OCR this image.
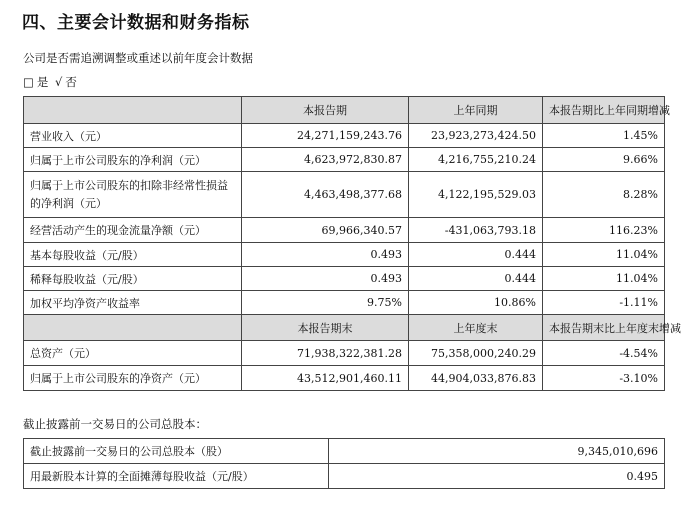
四、主要会计数据和财务指标
公司是否需追溯调整或重述以前年度会计数据
□ 是 √ 否
	本报告期	上年同期	本报告期比上年同期增减
营业收入（元）	24,271,159,243.76	23,923,273,424.50	1.45%
归属于上市公司股东的净利润（元）	4,623,972,830.87	4,216,755,210.24	9.66%
归属于上市公司股东的扣除非经常性损益的净利润（元）	4,463,498,377.68	4,122,195,529.03	8.28%
经营活动产生的现金流量净额（元）	69,966,340.57	-431,063,793.18	116.23%
基本每股收益（元/股）	0.493	0.444	11.04%
稀释每股收益（元/股）	0.493	0.444	11.04%
加权平均净资产收益率	9.75%	10.86%	-1.11%
	本报告期末	上年度末	本报告期末比上年度末增减
总资产（元）	71,938,322,381.28	75,358,000,240.29	-4.54%
归属于上市公司股东的净资产（元）	43,512,901,460.11	44,904,033,876.83	-3.10%
截止披露前一交易日的公司总股本：
截止披露前一交易日的公司总股本（股）	9,345,010,696
用最新股本计算的全面摊薄每股收益（元/股）	0.495
